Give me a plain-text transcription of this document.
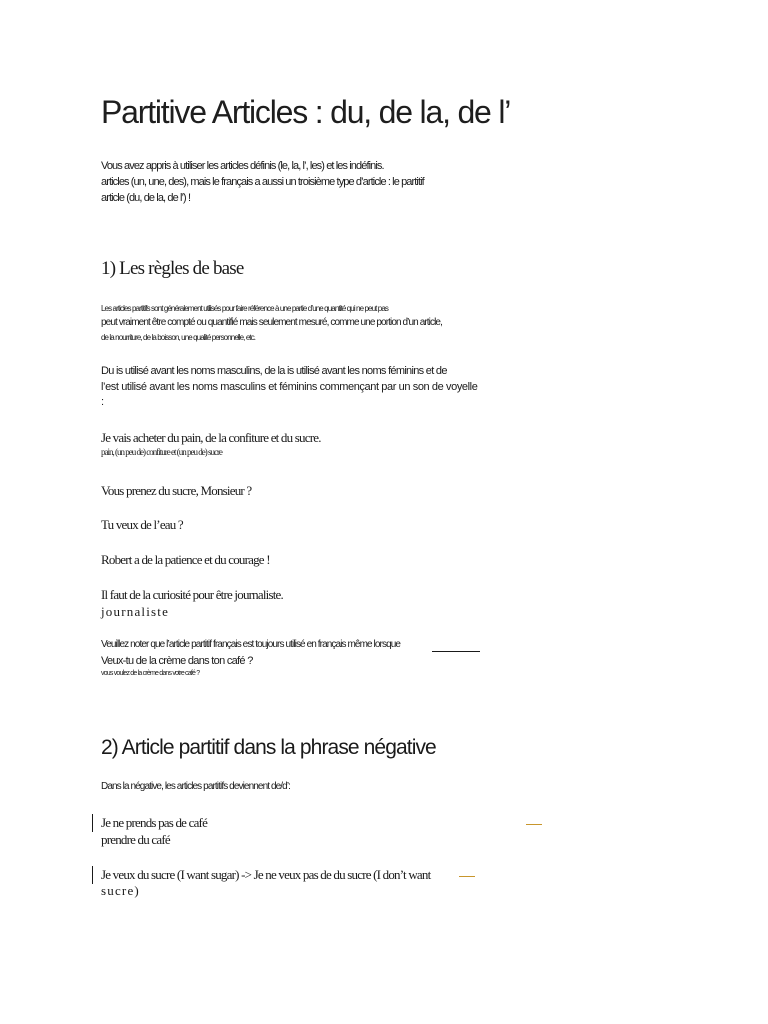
Partitive Articles : du, de la, de l’
Vous avez appris à utiliser les articles définis (le, la, l’, les) et les indéfinis.
articles (un, une, des), mais le français a aussi un troisième type d’article : le partitif
article (du, de la, de l’) !
1) Les règles de base
Les articles partitifs sont généralement utilisés pour faire référence à une partie d’une quantité qui ne peut pas
peut vraiment être compté ou quantifié mais seulement mesuré, comme une portion d’un article,
de la nourriture, de la boisson, une qualité personnelle, etc.
Du is utilisé avant les noms masculins, de la is utilisé avant les noms féminins et de
l’est utilisé avant les noms masculins et féminins commençant par un son de voyelle
:
Je vais acheter du pain, de la confiture et du sucre.
pain, (un peu de) confiture et (un peu de) sucre
Vous prenez du sucre, Monsieur ?
Tu veux de l’eau ?
Robert a de la patience et du courage !
Il faut de la curiosité pour être journaliste.
journaliste
Veuillez noter que l’article partitif français est toujours utilisé en français même lorsque
Veux-tu de la crème dans ton café ?
vous voulez de la crème dans votre café ?
2) Article partitif dans la phrase négative
Dans la négative, les articles partitifs deviennent de/d’:
Je ne prends pas de café
prendre du café
Je veux du sucre (I want sugar) -> Je ne veux pas de du sucre (I don’t want
sucre)
